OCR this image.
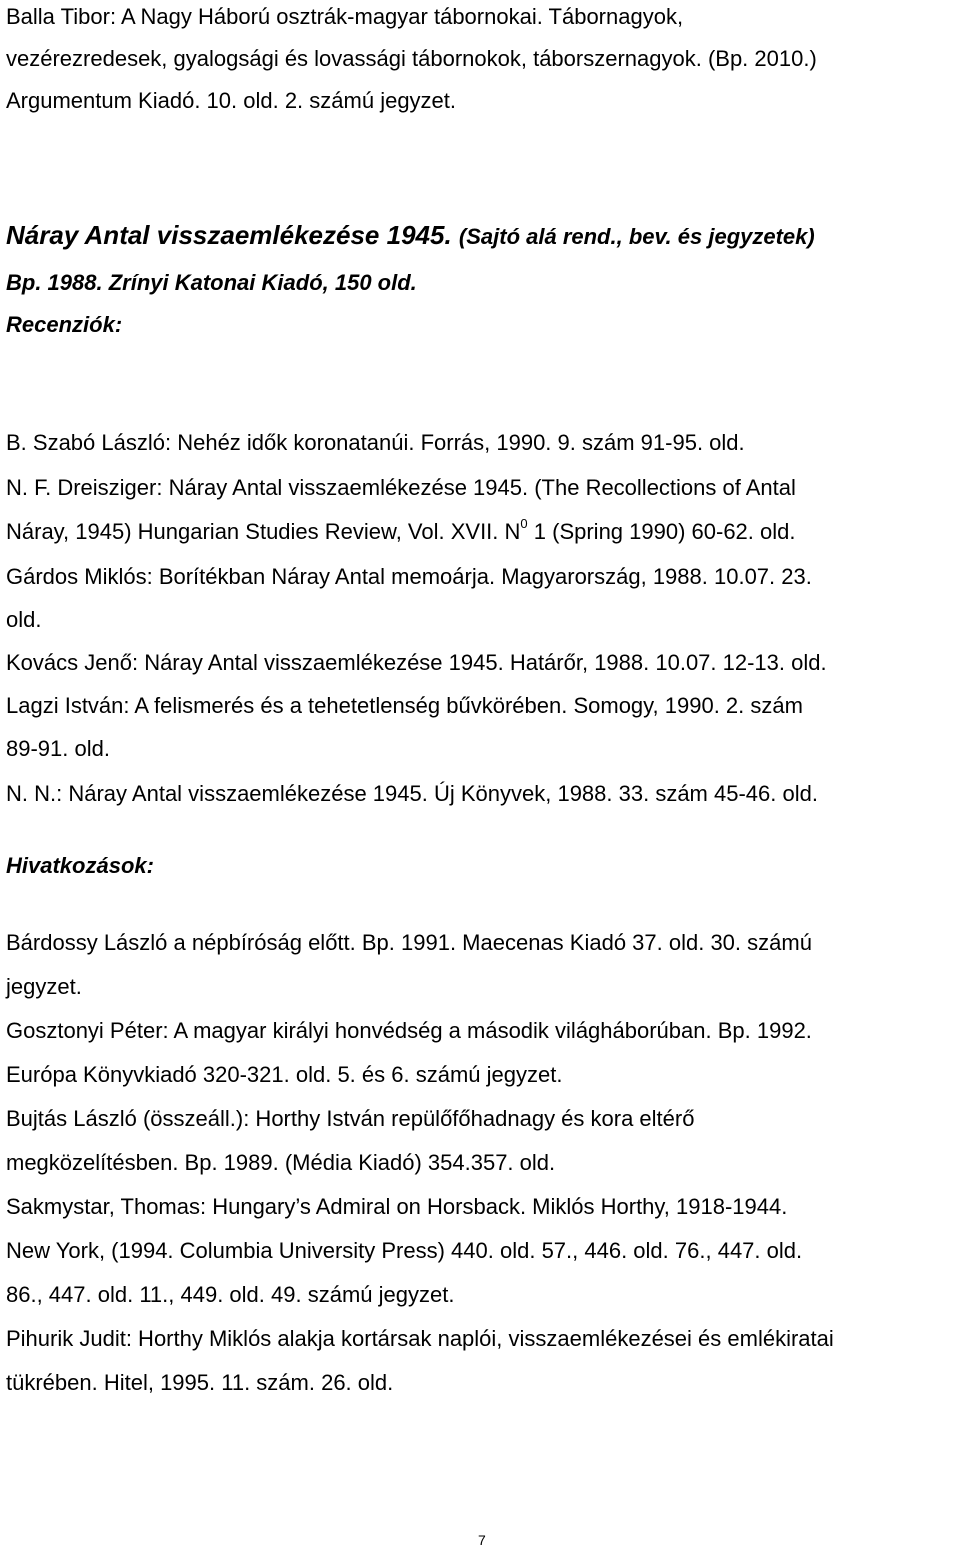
Balla Tibor: A Nagy Háború osztrák-magyar tábornokai. Tábornagyok,
vezérezredesek, gyalogsági és lovassági tábornokok, táborszernagyok. (Bp. 2010.)
Argumentum Kiadó. 10. old. 2. számú jegyzet.
Náray Antal visszaemlékezése 1945. (Sajtó alá rend., bev. és jegyzetek)
Bp. 1988. Zrínyi Katonai Kiadó, 150 old.
Recenziók:
B. Szabó László: Nehéz idők koronatanúi. Forrás, 1990. 9. szám 91-95. old.
N. F. Dreisziger: Náray Antal visszaemlékezése 1945. (The Recollections of Antal
Náray, 1945) Hungarian Studies Review, Vol. XVII. $N^0$ 1 (Spring 1990) 60-62. old.
Gárdos Miklós: Borítékban Náray Antal memoárja. Magyarország, 1988. 10.07. 23.
old.
Kovács Jenő: Náray Antal visszaemlékezése 1945. Határőr, 1988. 10.07. 12-13. old.
Lagzi István: A felismerés és a tehetetlenség bűvkörében. Somogy, 1990. 2. szám
89-91. old.
N. N.: Náray Antal visszaemlékezése 1945. Új Könyvek, 1988. 33. szám 45-46. old.
Hivatkozások:
Bárdossy László a népbíróság előtt. Bp. 1991. Maecenas Kiadó 37. old. 30. számú
jegyzet.
Gosztonyi Péter: A magyar királyi honvédség a második világháborúban. Bp. 1992.
Európa Könyvkiadó 320-321. old. 5. és 6. számú jegyzet.
Bujtás László (összeáll.): Horthy István repülőfőhadnagy és kora eltérő
megközelítésben. Bp. 1989. (Média Kiadó) 354.357. old.
Sakmystar, Thomas: Hungary’s Admiral on Horsback. Miklós Horthy, 1918-1944.
New York, (1994. Columbia University Press) 440. old. 57., 446. old. 76., 447. old.
86., 447. old. 11., 449. old. 49. számú jegyzet.
Pihurik Judit: Horthy Miklós alakja kortársak naplói, visszaemlékezései és emlékiratai
tükrében. Hitel, 1995. 11. szám. 26. old.
7
